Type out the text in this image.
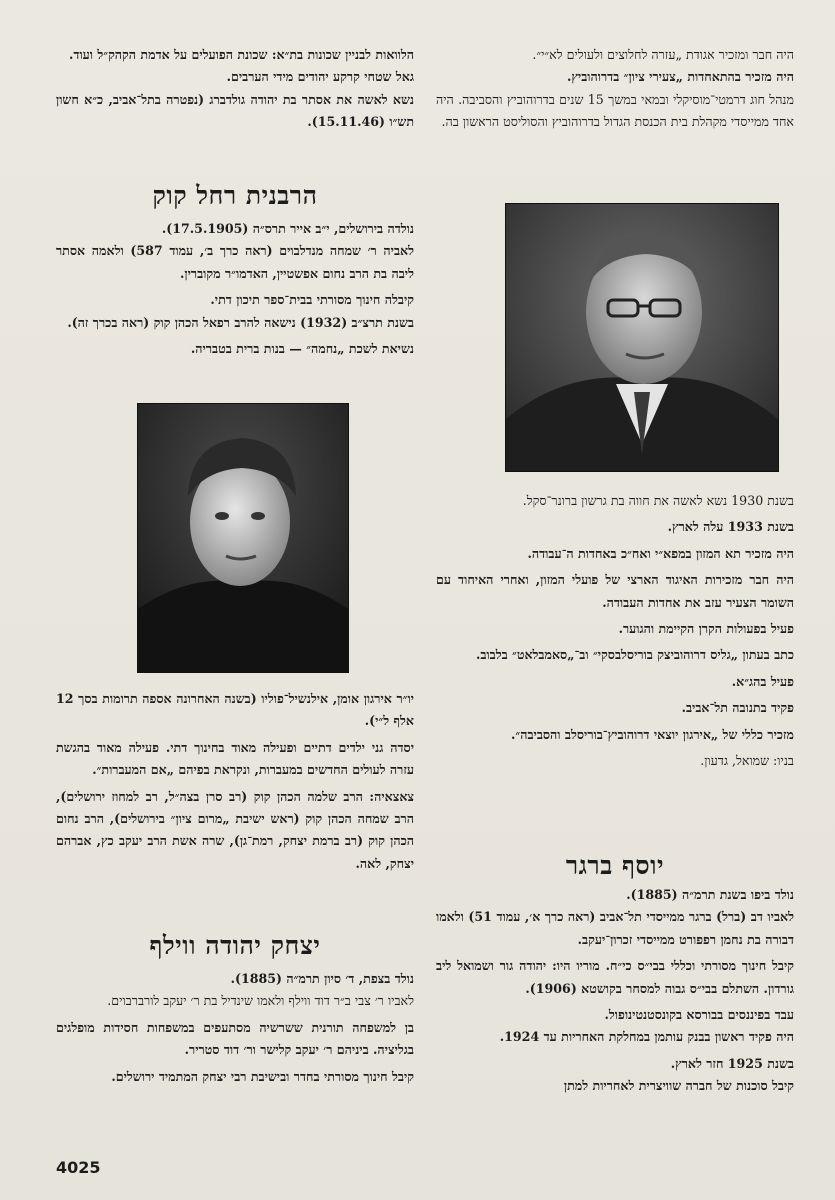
היה חבר ומזכיר אגודת „עזרה לחלוצים ולעולים לא״י״.

היה מזכיר בהתאחדות „צעירי ציון״ בדרוהוביץ.

מנהל חוג דרמטי־מוסיקלי ובמאי במשך 15 שנים בדרוהוביץ והסביבה. היה אחד ממייסדי מקהלת בית הכנסת הגדול בדרוהוביץ והסוליסט הראשון בה.

בשנת 1930 נשא לאשה את חווה בת גרשון ברונר־סקל.

בשנת 1933 עלה לארץ.

היה מזכיר תא המזון במפא״י ואח״כ באחדות ה־עבודה.

היה חבר מזכירות האיגוד הארצי של פועלי המזון, ואחרי האיחוד עם השומר הצעיר עזב את אחדות העבודה.

פעיל בפעולות הקרן הקיימת והגוער.

כתב בעתון „גליס דרוהוביצק בוריסלבסקי״ וב־„סאמבלאט״ בלבוב.

פעיל בהג״א.

פקיד בתנובה תל־אביב.

מזכיר כללי של „אירגון יוצאי דרוהוביץ־בוריסלב והסביבה״.

בניו: שמואל, גדעון.

יוסף ברגר

נולד ביפו בשנת תרמ״ה (1885).

לאביו דב (ברל) ברגר ממייסדי תל־אביב (ראה כרך א׳, עמוד 51) ולאמו דבורה בת נחמן רפפורט ממייסדי זכרון־יעקב.

קיבל חינוך מסורתי וכללי בבי״ס כי״ח. מוריו היו: יהודה גור ושמואל ליב גורדון. השתלם בבי״ס גבוה למסחר בקושטא (1906).

עבד בפיננסים בבורסא בקונסטנטינופול.

היה פקיד ראשון בבנק עותמן במחלקת האחריות עד 1924.

בשנת 1925 חזר לארץ.

קיבל סוכנות של חברה שוויצרית לאחריות למתן

הלוואות לבניין שכונות בת״א: שכונת הפועלים על אדמת הקהק״ל ועוד.

גאל שטחי קרקע יהודים מידי הערבים.

נשא לאשה את אסתר בת יהודה גולדברג (נפטרה בתל־אביב, כ״א חשון תש״ו (15.11.46).

הרבנית רחל קוק

נולדה בירושלים, י״ב אייר תרס״ה (17.5.1905).

לאביה ר׳ שמחה מנדלבוים (ראה כרך ב׳, עמוד 587) ולאמה אסתר ליבה בת הרב נחום אפשטיין, האדמו״ר מקוברין.

קיבלה חינוך מסורתי בבית־ספר תיכון דתי.

בשנת תרצ״ב (1932) נישאה להרב רפאל הכהן קוק (ראה בכרך זה).

נשיאת לשכת „נחמה״ — בנות ברית בטבריה.

יו״ר אירגון אומן, אילנשיל־פוליו (בשנה האחרונה אספה תרומות בסך 12 אלף ל״י).

יסדה גני ילדים דתיים ופעילה מאוד בחינוך דתי. פעילה מאוד בהגשת עזרה לעולים החדשים במעברות, ונקראת בפיהם „אם המעברות״.

צאצאיה: הרב שלמה הכהן קוק (רב סרן בצה״ל, רב למחוז ירושלים), הרב שמחה הכהן קוק (ראש ישיבת „מרום ציון״ בירושלים), הרב נחום הכהן קוק (רב ברמת יצחק, רמת־גן), שרה אשת הרב יעקב כץ, אברהם יצחק, לאה.

יצחק יהודה ווילף

נולד בצפת, ד׳ סיון תרמ״ה (1885).

לאביו ר׳ צבי ב״ר דוד ווילף ולאמו שינדיל בת ר׳ יעקב לורברבוים.

בן למשפחה תורנית ששרשיה מסתעפים במשפחות חסידות מופלגים בגליציה. ביניהם ר׳ יעקב קלישר ור׳ דוד סטריר.

קיבל חינוך מסורתי בחדר ובישיבת רבי יצחק המתמיד ירושלים.

4025
